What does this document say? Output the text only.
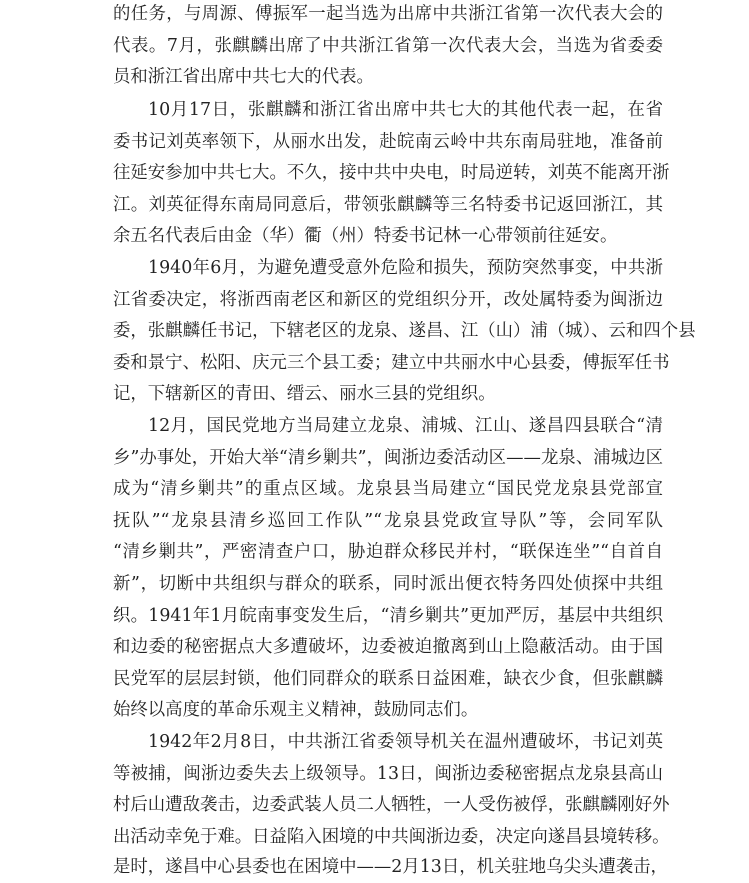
的任务，与周源、傅振军一起当选为出席中共浙江省第一次代表大会的
代表。7月，张麒麟出席了中共浙江省第一次代表大会，当选为省委委
员和浙江省出席中共七大的代表。
10月17日，张麒麟和浙江省出席中共七大的其他代表一起，在省
委书记刘英率领下，从丽水出发，赴皖南云岭中共东南局驻地，准备前
往延安参加中共七大。不久，接中共中央电，时局逆转，刘英不能离开浙
江。刘英征得东南局同意后，带领张麒麟等三名特委书记返回浙江，其
余五名代表后由金（华）衢（州）特委书记林一心带领前往延安。
1940年6月，为避免遭受意外危险和损失，预防突然事变，中共浙
江省委决定，将浙西南老区和新区的党组织分开，改处属特委为闽浙边
委，张麒麟任书记，下辖老区的龙泉、遂昌、江（山）浦（城）、云和四个县
委和景宁、松阳、庆元三个县工委；建立中共丽水中心县委，傅振军任书
记，下辖新区的青田、缙云、丽水三县的党组织。
12月，国民党地方当局建立龙泉、浦城、江山、遂昌四县联合“清
乡”办事处，开始大举“清乡剿共”，闽浙边委活动区——龙泉、浦城边区
成为“清乡剿共”的重点区域。龙泉县当局建立“国民党龙泉县党部宣
抚队”“龙泉县清乡巡回工作队”“龙泉县党政宣导队”等，会同军队
“清乡剿共”，严密清查户口，胁迫群众移民并村，“联保连坐”“自首自
新”，切断中共组织与群众的联系，同时派出便衣特务四处侦探中共组
织。1941年1月皖南事变发生后，“清乡剿共”更加严厉，基层中共组织
和边委的秘密据点大多遭破坏，边委被迫撤离到山上隐蔽活动。由于国
民党军的层层封锁，他们同群众的联系日益困难，缺衣少食，但张麒麟
始终以高度的革命乐观主义精神，鼓励同志们。
1942年2月8日，中共浙江省委领导机关在温州遭破坏，书记刘英
等被捕，闽浙边委失去上级领导。13日，闽浙边委秘密据点龙泉县高山
村后山遭敌袭击，边委武装人员二人牺牲，一人受伤被俘，张麒麟刚好外
出活动幸免于难。日益陷入困境的中共闽浙边委，决定向遂昌县境转移。
是时，遂昌中心县委也在困境中——2月13日，机关驻地乌尖头遭袭击，
